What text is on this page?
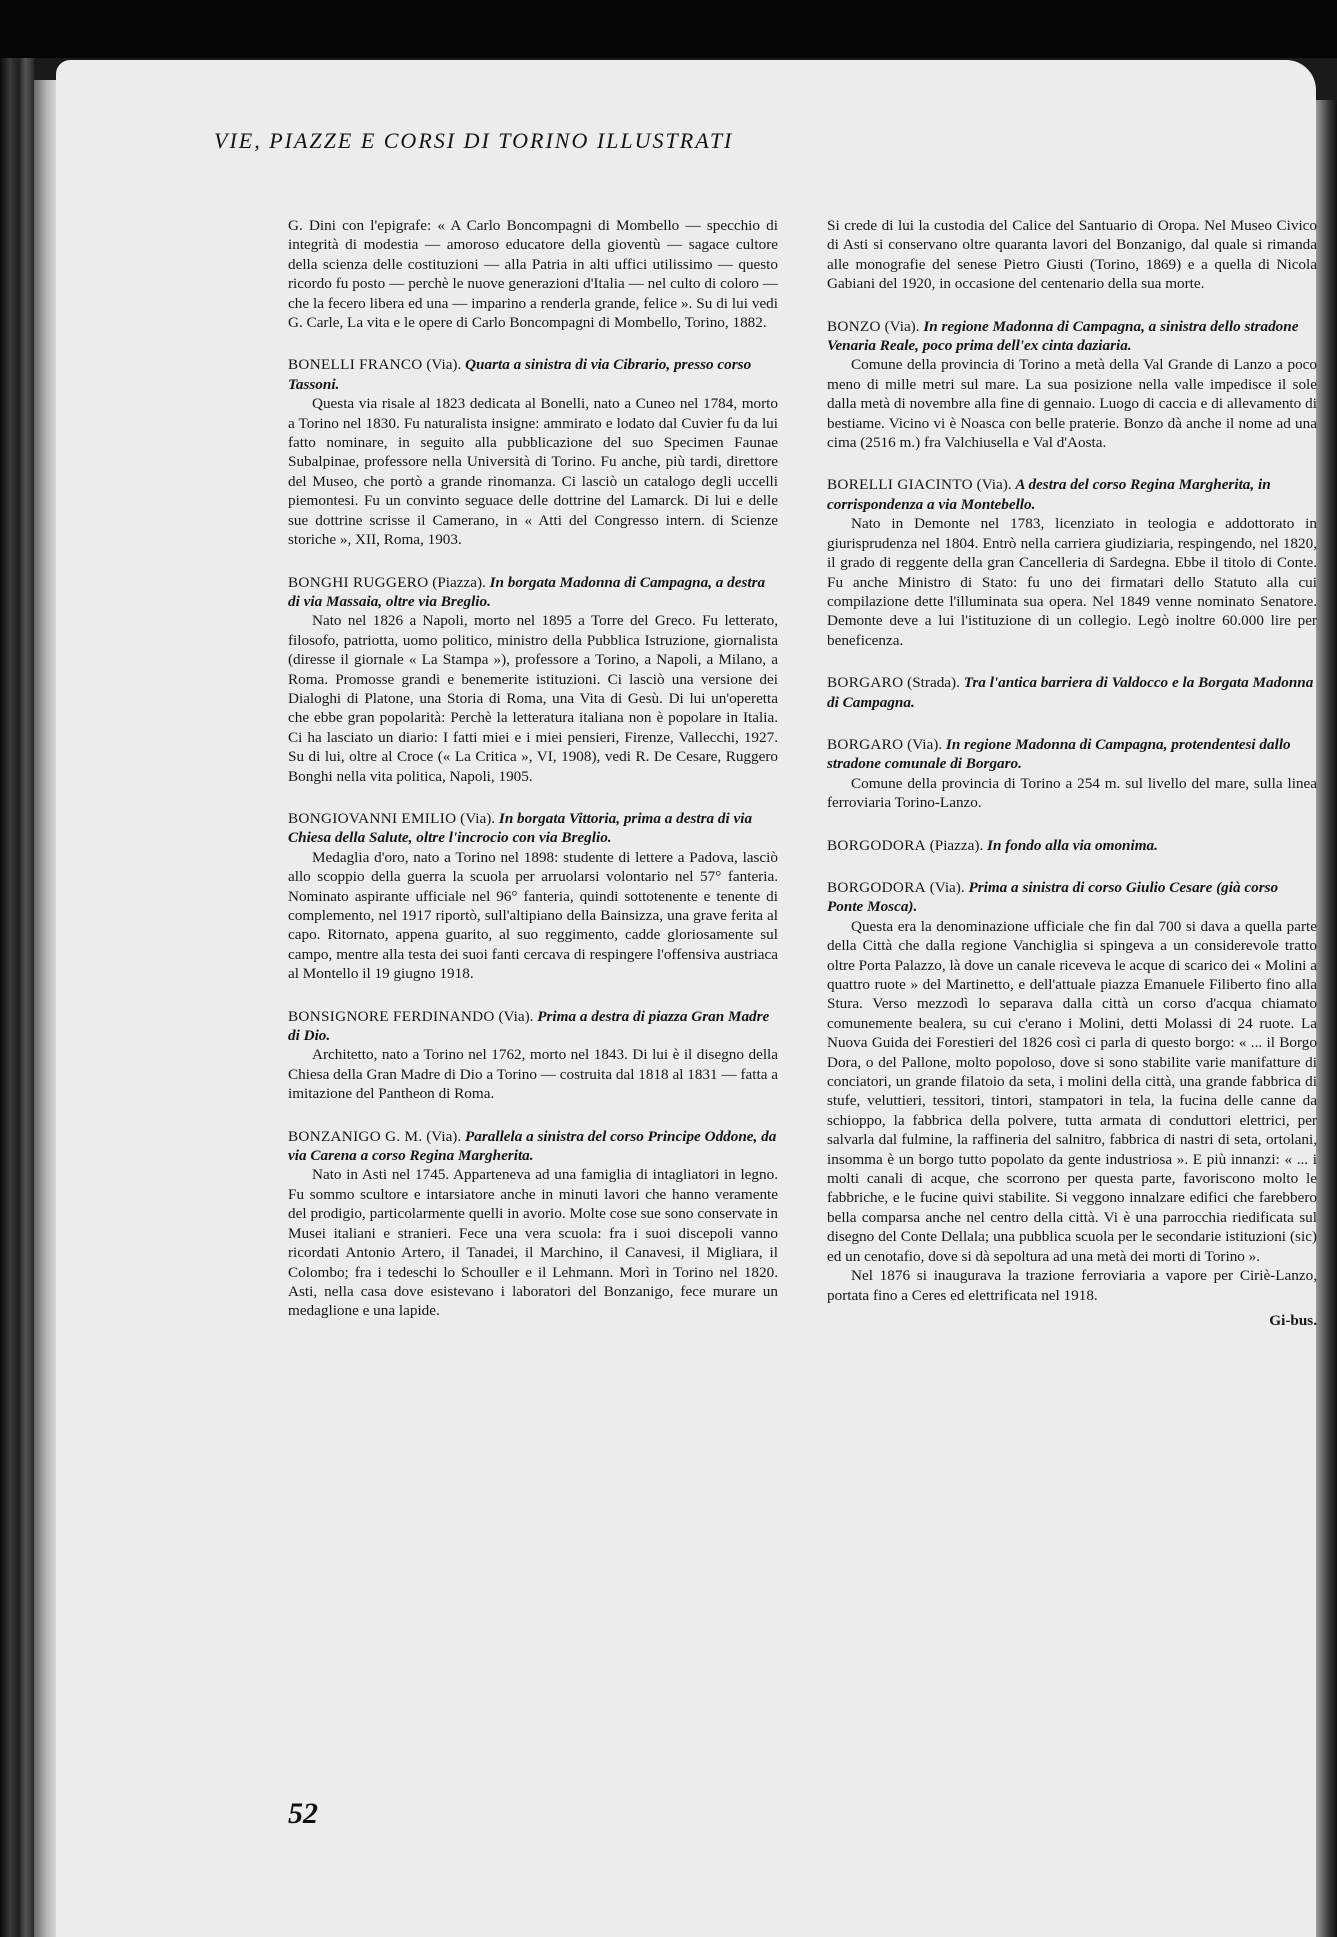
VIE, PIAZZE E CORSI DI TORINO ILLUSTRATI

G. Dini con l'epigrafe: « A Carlo Boncompagni di Mombello — specchio di integrità di modestia — amoroso educatore della gioventù — sagace cultore della scienza delle costituzioni — alla Patria in alti uffici utilissimo — questo ricordo fu posto — perchè le nuove generazioni d'Italia — nel culto di coloro — che la fecero libera ed una — imparino a renderla grande, felice ». Su di lui vedi G. Carle, La vita e le opere di Carlo Boncompagni di Mombello, Torino, 1882.

BONELLI FRANCO (Via). Quarta a sinistra di via Cibrario, presso corso Tassoni.

Questa via risale al 1823 dedicata al Bonelli, nato a Cuneo nel 1784, morto a Torino nel 1830. Fu naturalista insigne: ammirato e lodato dal Cuvier fu da lui fatto nominare, in seguito alla pubblicazione del suo Specimen Faunae Subalpinae, professore nella Università di Torino. Fu anche, più tardi, direttore del Museo, che portò a grande rinomanza. Ci lasciò un catalogo degli uccelli piemontesi. Fu un convinto seguace delle dottrine del Lamarck. Di lui e delle sue dottrine scrisse il Camerano, in « Atti del Congresso intern. di Scienze storiche », XII, Roma, 1903.

BONGHI RUGGERO (Piazza). In borgata Madonna di Campagna, a destra di via Massaia, oltre via Breglio.

Nato nel 1826 a Napoli, morto nel 1895 a Torre del Greco. Fu letterato, filosofo, patriotta, uomo politico, ministro della Pubblica Istruzione, giornalista (diresse il giornale « La Stampa »), professore a Torino, a Napoli, a Milano, a Roma. Promosse grandi e benemerite istituzioni. Ci lasciò una versione dei Dialoghi di Platone, una Storia di Roma, una Vita di Gesù. Di lui un'operetta che ebbe gran popolarità: Perchè la letteratura italiana non è popolare in Italia. Ci ha lasciato un diario: I fatti miei e i miei pensieri, Firenze, Vallecchi, 1927. Su di lui, oltre al Croce (« La Critica », VI, 1908), vedi R. De Cesare, Ruggero Bonghi nella vita politica, Napoli, 1905.

BONGIOVANNI EMILIO (Via). In borgata Vittoria, prima a destra di via Chiesa della Salute, oltre l'incrocio con via Breglio.

Medaglia d'oro, nato a Torino nel 1898: studente di lettere a Padova, lasciò allo scoppio della guerra la scuola per arruolarsi volontario nel 57° fanteria. Nominato aspirante ufficiale nel 96° fanteria, quindi sottotenente e tenente di complemento, nel 1917 riportò, sull'altipiano della Bainsizza, una grave ferita al capo. Ritornato, appena guarito, al suo reggimento, cadde gloriosamente sul campo, mentre alla testa dei suoi fanti cercava di respingere l'offensiva austriaca al Montello il 19 giugno 1918.

BONSIGNORE FERDINANDO (Via). Prima a destra di piazza Gran Madre di Dio.

Architetto, nato a Torino nel 1762, morto nel 1843. Di lui è il disegno della Chiesa della Gran Madre di Dio a Torino — costruita dal 1818 al 1831 — fatta a imitazione del Pantheon di Roma.

BONZANIGO G. M. (Via). Parallela a sinistra del corso Principe Oddone, da via Carena a corso Regina Margherita.

Nato in Asti nel 1745. Apparteneva ad una famiglia di intagliatori in legno. Fu sommo scultore e intarsiatore anche in minuti lavori che hanno veramente del prodigio, particolarmente quelli in avorio. Molte cose sue sono conservate in Musei italiani e stranieri. Fece una vera scuola: fra i suoi discepoli vanno ricordati Antonio Artero, il Tanadei, il Marchino, il Canavesi, il Migliara, il Colombo; fra i tedeschi lo Schouller e il Lehmann. Morì in Torino nel 1820. Asti, nella casa dove esistevano i laboratori del Bonzanigo, fece murare un medaglione e una lapide.

Si crede di lui la custodia del Calice del Santuario di Oropa. Nel Museo Civico di Asti si conservano oltre quaranta lavori del Bonzanigo, dal quale si rimanda alle monografie del senese Pietro Giusti (Torino, 1869) e a quella di Nicola Gabiani del 1920, in occasione del centenario della sua morte.

BONZO (Via). In regione Madonna di Campagna, a sinistra dello stradone Venaria Reale, poco prima dell'ex cinta daziaria.

Comune della provincia di Torino a metà della Val Grande di Lanzo a poco meno di mille metri sul mare. La sua posizione nella valle impedisce il sole dalla metà di novembre alla fine di gennaio. Luogo di caccia e di allevamento di bestiame. Vicino vi è Noasca con belle praterie. Bonzo dà anche il nome ad una cima (2516 m.) fra Valchiusella e Val d'Aosta.

BORELLI GIACINTO (Via). A destra del corso Regina Margherita, in corrispondenza a via Montebello.

Nato in Demonte nel 1783, licenziato in teologia e addottorato in giurisprudenza nel 1804. Entrò nella carriera giudiziaria, respingendo, nel 1820, il grado di reggente della gran Cancelleria di Sardegna. Ebbe il titolo di Conte. Fu anche Ministro di Stato: fu uno dei firmatari dello Statuto alla cui compilazione dette l'illuminata sua opera. Nel 1849 venne nominato Senatore. Demonte deve a lui l'istituzione di un collegio. Legò inoltre 60.000 lire per beneficenza.

BORGARO (Strada). Tra l'antica barriera di Valdocco e la Borgata Madonna di Campagna.
BORGARO (Via). In regione Madonna di Campagna, protendentesi dallo stradone comunale di Borgaro.

Comune della provincia di Torino a 254 m. sul livello del mare, sulla linea ferroviaria Torino-Lanzo.

BORGODORA (Piazza). In fondo alla via omonima.
BORGODORA (Via). Prima a sinistra di corso Giulio Cesare (già corso Ponte Mosca).

Questa era la denominazione ufficiale che fin dal 700 si dava a quella parte della Città che dalla regione Vanchiglia si spingeva a un considerevole tratto oltre Porta Palazzo, là dove un canale riceveva le acque di scarico dei « Molini a quattro ruote » del Martinetto, e dell'attuale piazza Emanuele Filiberto fino alla Stura. Verso mezzodì lo separava dalla città un corso d'acqua chiamato comunemente bealera, su cui c'erano i Molini, detti Molassi di 24 ruote. La Nuova Guida dei Forestieri del 1826 così ci parla di questo borgo: « ... il Borgo Dora, o del Pallone, molto popoloso, dove si sono stabilite varie manifatture di conciatori, un grande filatoio da seta, i molini della città, una grande fabbrica di stufe, veluttieri, tessitori, tintori, stampatori in tela, la fucina delle canne da schioppo, la fabbrica della polvere, tutta armata di conduttori elettrici, per salvarla dal fulmine, la raffineria del salnitro, fabbrica di nastri di seta, ortolani, insomma è un borgo tutto popolato da gente industriosa ». E più innanzi: « ... i molti canali di acque, che scorrono per questa parte, favoriscono molto le fabbriche, e le fucine quivi stabilite. Si veggono innalzare edifici che farebbero bella comparsa anche nel centro della città. Vi è una parrocchia riedificata sul disegno del Conte Dellala; una pubblica scuola per le secondarie istituzioni (sic) ed un cenotafio, dove si dà sepoltura ad una metà dei morti di Torino ».

Nel 1876 si inaugurava la trazione ferroviaria a vapore per Ciriè-Lanzo, portata fino a Ceres ed elettrificata nel 1918.

Gi-bus.
52
